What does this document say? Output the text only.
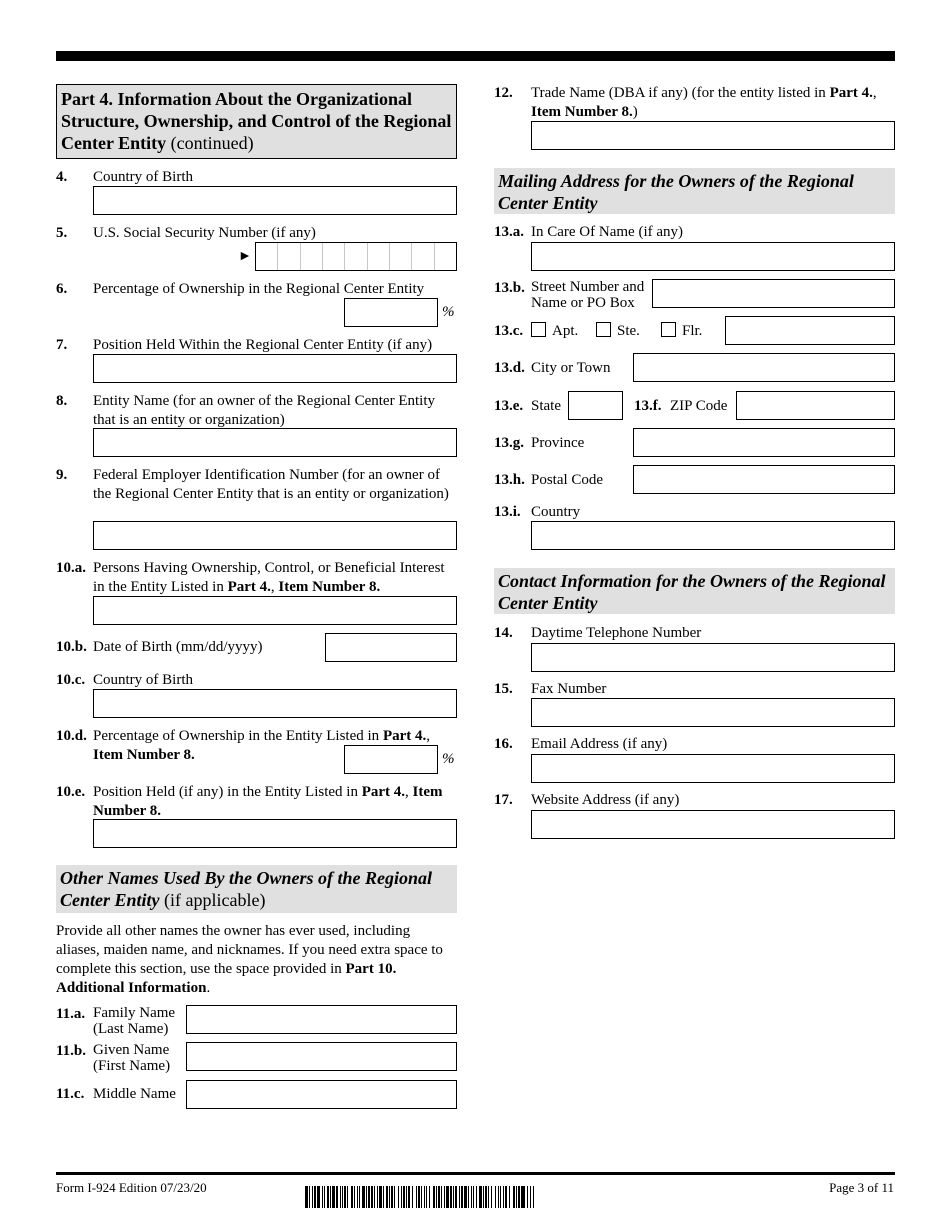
Part 4. Information About the Organizational Structure, Ownership, and Control of the Regional Center Entity (continued)
4. Country of Birth
5. U.S. Social Security Number (if any)
►
6. Percentage of Ownership in the Regional Center Entity
%
7. Position Held Within the Regional Center Entity (if any)
8. Entity Name (for an owner of the Regional Center Entity that is an entity or organization)
9. Federal Employer Identification Number (for an owner of the Regional Center Entity that is an entity or organization)
10.a. Persons Having Ownership, Control, or Beneficial Interest in the Entity Listed in Part 4., Item Number 8.
10.b. Date of Birth (mm/dd/yyyy)
10.c. Country of Birth
10.d. Percentage of Ownership in the Entity Listed in Part 4.,
Item Number 8.	%
10.e. Position Held (if any) in the Entity Listed in Part 4., Item Number 8.
Other Names Used By the Owners of the Regional Center Entity (if applicable)
Provide all other names the owner has ever used, including aliases, maiden name, and nicknames. If you need extra space to complete this section, use the space provided in Part 10. Additional Information.
11.a. Family Name
(Last Name)
11.b. Given Name
(First Name)
11.c. Middle Name
12. Trade Name (DBA if any) (for the entity listed in Part 4., Item Number 8.)
Mailing Address for the Owners of the Regional Center Entity
13.a. In Care Of Name (if any)
13.b. Street Number and
Name or PO Box
13.c. Apt.	Ste.	Flr.
13.d. City or Town
13.e. State	13.f. ZIP Code
13.g. Province
13.h. Postal Code
13.i. Country
Contact Information for the Owners of the Regional Center Entity
14. Daytime Telephone Number
15. Fax Number
16. Email Address (if any)
17. Website Address (if any)
Form I-924 Edition 07/23/20	Page 3 of 11
